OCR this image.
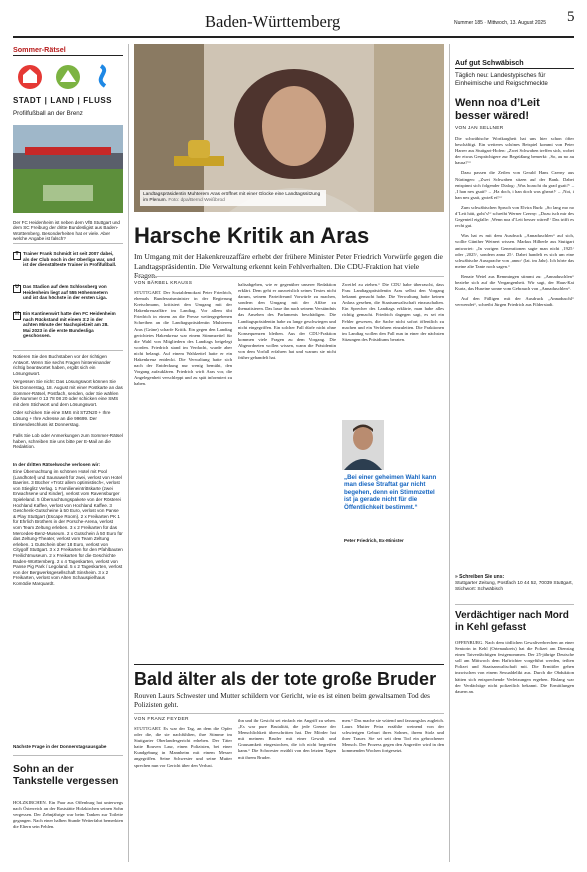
Baden-Württemberg	Nummer 185 · Mittwoch, 13. August 2025 5
Sommer-Rätsel
STADT | LAND | FLUSS
Profilfußball an der Brenz

Der FC Heidenheim ist neben dem VfB Stuttgart und dem SC Freiburg der dritte Bundesligist aus Baden-Württemberg. Besonderheiten hat er viele. Aber welche Angabe ist falsch?

T Trainer Frank Schmidt ist seit 2007 dabei, als der Club noch in der Oberliga war, und ist der dienstälteste Trainer in Profifußball.
U Das Stadion auf dem Schlossberg von Heidenheim liegt auf 555 Höhenmetern und ist das höchste in der ersten Liga.
H Ein Kantinenwirt hatte den FC Heidenheim nach Rückstand mit einem 3:2 in der achten Minute der Nachspielzeit am 28. Mai 2023 in die erste Bundesliga geschossen.

Notieren Sie den Buchstaben vor der richtigen Antwort. Wenn Sie sechs Fragen hintereinander richtig beantwortet haben, ergibt sich ein Lösungswort.

Vergessen Sie nicht: Das Lösungswort können Sie bis Donnerstag, 18. August mit einer Postkarte an das Sommer-Rätsel, Postfach, senden, oder Sie wählen die Nummer 0 13 78 08 20 oder schicken eine SMS mit dem Stichwort und dem Lösungswort.

Oder schicken Sie eine SMS mit STZN20 + Ihre Lösung + Ihre Adresse an die 99699. Der Einsendeschluss ist Donnerstag.

Falls Sie Lob oder Anmerkungen zum Sommer-Rätsel haben, schreiben Sie uns bitte per E-Mail an die Redaktion.

In der dritten Rätselwoche verlosen wir:

Eine Übernachtung im schönen Hotel mit Pool (Landhotel) und Saunawelt für zwei, verlost von Hotel Baerins. 3 Bücher »Trotz allem optimistisch«, verlost von Stieglitz Verlag. 1 Familieneintrittskarte (zwei Erwachsene und Kinder), verlost vom Ravensburger Spieleland. 5 Übernachtungspakete von der Rösterei Hochland Kaffee, verlost von Hochland Kaffee. 3 Geschenk-Gutscheine à 50 Euro, verlost von Panse & Play Stuttgart (Escape Room). 2 x Freikarten PK 1 für Ehrlich Brothers in der Porsche-Arena, verlost vom Team Zeltung erleben. 3 x 2 Freikarten für das Mercedes-Benz-Museum. 2 x Gutschein à 50 Euro für das Zeltung-Theater, verlost vom Team Zeltung erleben. 1 Gutschein über 18 Euro, verlost von Citygolf Stuttgart. 3 x 2 Freikarten für den Pfahlbauten Freilichtmuseum. 2 x Freikarten für die Geschichte Baden-Württemberg. 2 x 4 Tageskarten, verlost von Panse Pig Park / Legoland. 5 x 2 Tageskarten, verlost von der Bergwerksgesellschaft Sinsheim. 3 x 2 Freikarten, verlost vom Alten Schauspielhaus Komödie Marquardt.

Nächste Frage in der Donnerstagsausgabe

Sohn an der Tankstelle vergessen

HOLZKIRCHEN. Ein Paar aus Offenburg hat unterwegs nach Österreich an der Raststätte Holzkirchen seinen Sohn vergessen. Der Zehnjährige war beim Tanken zur Toilette gegangen. Nach einer halben Stunde Weiterfahrt bemerkten die Eltern sein Fehlen.

Landtagspräsidentin Muhterem Aras eröffnet mit einer Glocke eine Landtagssitzung im Plenum. Foto: dpa/Bernd Weißbrod
Harsche Kritik an Aras

Im Umgang mit der Hakenkreuzaffäre erhebt der frühere Minister Peter Friedrich Vorwürfe gegen die Landtagspräsidentin. Die Verwaltung erkennt kein Fehlverhalten. Die CDU-Fraktion hat viele Fragen.

VON BÄRBEL KRAUSS

STUTTGART. Der Sozialdemokrat Peter Friedrich, ehemals Bundesratsminister in der Regierung Kretschmann, kritisiert den Umgang mit der Hakenkreuzaffäre im Landtag. Vor allem übt Friedrich in einem an die Presse weitergegebenen Schreiben an die Landtagspräsidentin Muhterem Aras (Grüne) scharfe Kritik. Ein gegen den Landtag gerichtetes Hakenkreuz war einem Stimmzettel für die Wahl von Mitgliedern des Landtags beigelegt worden. Friedrich stand im Verdacht, wurde aber nicht belangt. Auf einem Wahlzettel hatte er ein Hakenkreuz entdeckt. Die Verwaltung hatte sich nach der Entdeckung nur wenig bemüht, den Vorgang aufzuklären. Friedrich wirft Aras vor, die Angelegenheit verschleppt und zu spät informiert zu haben.

haltsabgeben, wie er gegenüber unserer Redaktion erklärt. Dem geht er ausweislich seines Textes nicht darum, seinem Parteifreund Vorwürfe zu machen, sondern den Umgang mit der Affäre zu thematisieren. Das lasse ihn nach seinem Verständnis das Ansehen des Parlaments beschädigen. Die Landtagspräsidentin habe zu lange geschwiegen und nicht eingegriffen. Ein solcher Fall dürfe nicht ohne Konsequenzen bleiben. Aus der CDU-Fraktion kommen viele Fragen zu dem Vorgang. Die Abgeordneten wollen wissen, wann die Präsidentin von dem Vorfall erfahren hat und warum sie nicht früher gehandelt hat.

Zweifel zu ziehen.“ Die CDU habe überrascht, dass Frau Landtagspräsidentin Aras selbst den Vorgang bekannt gemacht habe. Die Verwaltung hatte keinen Anlass gesehen, die Staatsanwaltschaft einzuschalten. Ein Sprecher des Landtags erklärte, man habe alles richtig gemacht. Friedrich dagegen sagt, es sei ein Fehler gewesen, die Sache nicht sofort öffentlich zu machen und ein Verfahren einzuleiten. Die Fraktionen im Landtag wollen den Fall nun in einer der nächsten Sitzungen des Präsidiums beraten.

„Bei einer geheimen Wahl kann man diese Straftat gar nicht begehen, denn ein Stimmzettel ist ja gerade nicht für die Öffentlichkeit bestimmt.“

Peter Friedrich, Ex-Minister
Bald älter als der tote große Bruder

Rouven Laurs Schwester und Mutter schildern vor Gericht, wie es ist einen beim gewaltsamen Tod des Polizisten geht.

VON FRANZ FEYDER

STUTTGART. Es war der Tag, an dem die Opfer oder die, die sie nachfühlten, ihre Stimme im Stuttgarter Oberlandesgericht erheben. Der Täter hatte Rouven Laur, einen Polizisten, bei einer Kundgebung in Mannheim mit einem Messer angegriffen. Seine Schwester und seine Mutter sprechen nun vor Gericht über den Verlust.

ihn und ihr Gesicht sei einfach ein Angriff zu sehen. „Es war pure Brutalität, die jede Grenze der Menschlichkeit überschritten hat. Der Mörder hat mit meinem Bruder mit einer Gewalt und Grausamkeit eingestochen, die ich nicht begreifen kann.“ Die Schwester erzählt von den letzten Tagen mit ihrem Bruder.

men.“ Das mache sie wütend und fassungslos zugleich. Laurs Mutter Petra erzählte weinend von der schwierigen Geburt ihres Sohnes, ihrem Stolz und ihrer Trauer. Sie sei seit dem Tod ein gebrochener Mensch. Der Prozess gegen den Angreifer wird in den kommenden Wochen fortgesetzt.

Auf gut Schwäbisch

Täglich neu: Landestypisches für Einheimische und Reigschmeckte

Wenn noa d’Leit besser wäred!
VON JAN SELLNER

Die schwäbische Wortkargheit hat uns hier schon öfter beschäftigt. Ein weiteres schönes Beispiel kommt von Peter Harrer aus Stuttgart-Hofen: „Zwei Schwaben treffen sich, wobei der etwas Gesprächigere zur Begrüßung bemerkt: ‚So, au no au hausa?‘“

Dazu passen die Zeilen von Gerald Hans Czerny aus Nürtingen: „Zwei Schwaben sitzen auf der Bank. Dabei entspinnt sich folgender Dialog: ‚Was hoascht du grad gsait?‘ – ‚I han nex gsait!‘ – ‚Ha doch, i han doch was gheart!‘ – ‚Noi, i han nex gsait, gwieß et!‘“

Zum schwäbischen Spruch von Elvira Burk: „So lang mo no d’Leit hätt, goht’s!“ schreibt Werner Czerny: „Dozu isch mir des Gegenteil eigfalle: ‚Wenn noa d’Leit besser wäred!‘ Das trifft es recht gut.

Was hat es mit dem Ausdruck „Annaduschlen“ auf sich, wollte Günther Weinert wissen. Markus Hilberle aus Stuttgart antwortet: „In vorigen Generationen sagte man nicht ‚1925‘ oder ‚2025‘, sondern anna 25‘. Dabei handelt es sich um eine schwäbische Aussprache von ‚anno‘ (lat. im Jahr). Ich hörte das meine alte Tante noch sagen.“

Renate Weiel aus Remmingen stimmt zu: „Annaduschlen“ beziehe sich auf die Vergangenheit. Wir sagt, der Haus-Kai Kurtz, das Huseine sonne vom Gebrauch von „Annaduschlen“.

Auf den Fälligen mit der Ausdruck „Annaduschl“ verwendet“, schreibt Jürgen Friedrich aus Filderstadt.

» Schreiben Sie uns:

Stuttgarter Zeitung, Postfach 10 44 52, 70039 Stuttgart, Stichwort: Schwäbisch

Verdächtiger nach Mord in Kehl gefasst

OFFENBURG. Nach dem tödlichen Gewaltverbrechen an einer Seniorin in Kehl (Ortenaukreis) hat die Polizei am Dienstag einen Tatverdächtigen festgenommen. Der 25-jährige Deutsche soll am Mittwoch dem Haftrichter vorgeführt werden, teilten Polizei und Staatsanwaltschaft mit. Die Ermittler gehen inzwischen von einem Sexualdelikt aus. Durch die Obduktion hätten sich entsprechende Verletzungen ergeben. Bislang war der Verdächtige nicht polizeilich bekannt. Die Ermittlungen dauern an.
